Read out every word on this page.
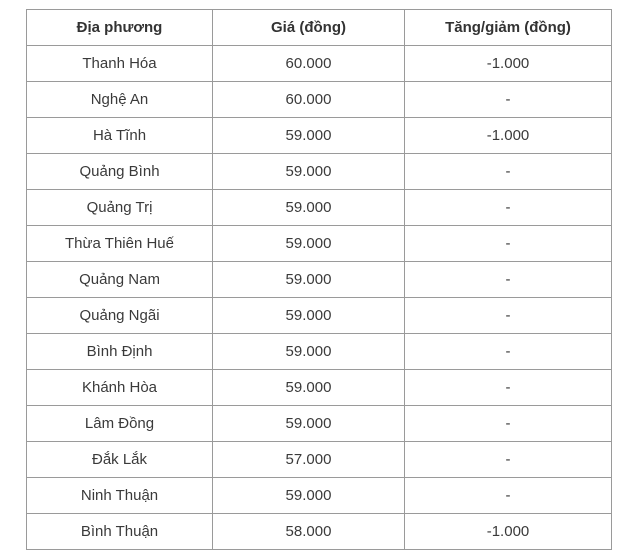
Địa phương	Giá (đồng)	Tăng/giảm (đồng)
Thanh Hóa	60.000	-1.000
Nghệ An	60.000	-
Hà Tĩnh	59.000	-1.000
Quảng Bình	59.000	-
Quảng Trị	59.000	-
Thừa Thiên Huế	59.000	-
Quảng Nam	59.000	-
Quảng Ngãi	59.000	-
Bình Định	59.000	-
Khánh Hòa	59.000	-
Lâm Đồng	59.000	-
Đắk Lắk	57.000	-
Ninh Thuận	59.000	-
Bình Thuận	58.000	-1.000
